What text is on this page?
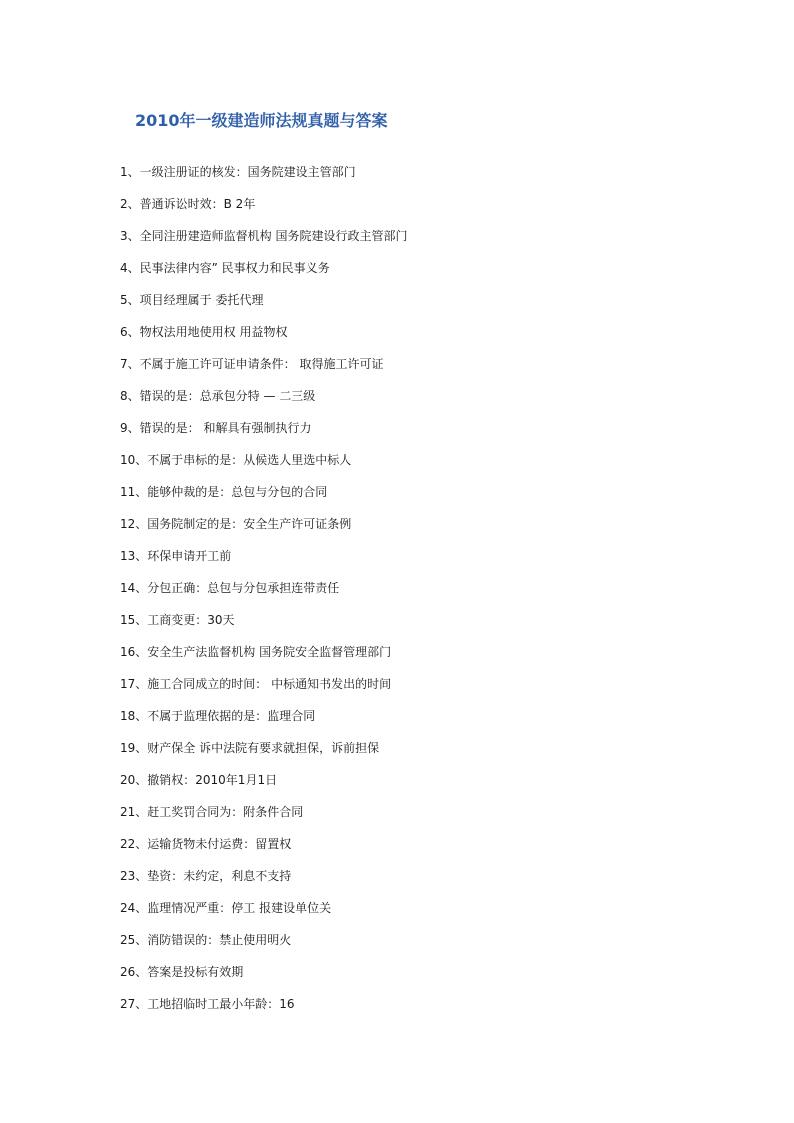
2010年一级建造师法规真题与答案
1、一级注册证的核发：国务院建设主管部门
2、普通诉讼时效：B 2年
3、全同注册建造师监督机构 国务院建设行政主管部门
4、民事法律内容” 民事权力和民事义务
5、项目经理属于 委托代理
6、物权法用地使用权 用益物权
7、不属于施工许可证申请条件： 取得施工许可证
8、错误的是：总承包分特 — 二三级
9、错误的是： 和解具有强制执行力
10、不属于串标的是：从候选人里选中标人
11、能够仲裁的是：总包与分包的合同
12、国务院制定的是：安全生产许可证条例
13、环保申请开工前
14、分包正确：总包与分包承担连带责任
15、工商变更：30天
16、安全生产法监督机构 国务院安全监督管理部门
17、施工合同成立的时间： 中标通知书发出的时间
18、不属于监理依据的是：监理合同
19、财产保全 诉中法院有要求就担保，诉前担保
20、撤销权：2010年1月1日
21、赶工奖罚合同为：附条件合同
22、运输货物未付运费：留置权
23、垫资：未约定，利息不支持
24、监理情况严重：停工 报建设单位关
25、消防错误的：禁止使用明火
26、答案是投标有效期
27、工地招临时工最小年龄：16
